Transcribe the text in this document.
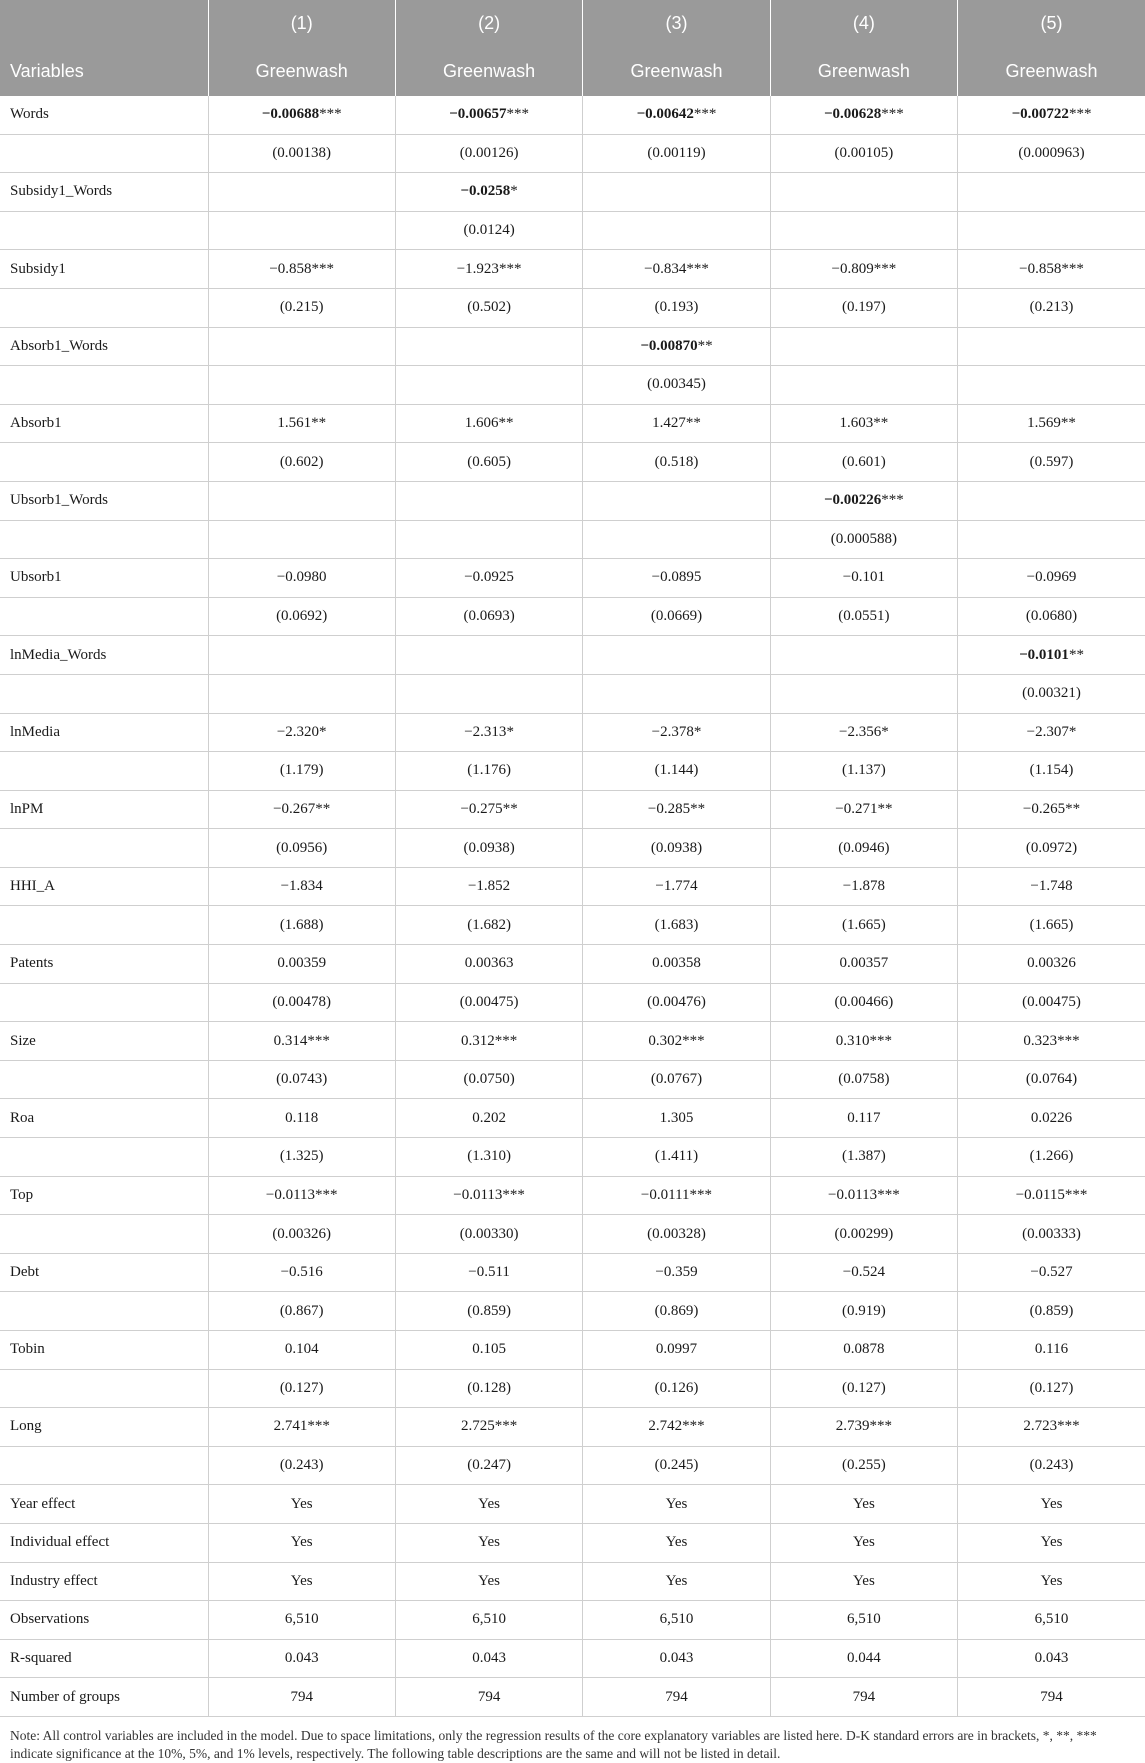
	(1)	(2)	(3)	(4)	(5)
Variables	Greenwash	Greenwash	Greenwash	Greenwash	Greenwash
Words	−0.00688***	−0.00657***	−0.00642***	−0.00628***	−0.00722***
	(0.00138)	(0.00126)	(0.00119)	(0.00105)	(0.000963)
Subsidy1_Words		−0.0258*			
		(0.0124)			
Subsidy1	−0.858***	−1.923***	−0.834***	−0.809***	−0.858***
	(0.215)	(0.502)	(0.193)	(0.197)	(0.213)
Absorb1_Words			−0.00870**		
			(0.00345)		
Absorb1	1.561**	1.606**	1.427**	1.603**	1.569**
	(0.602)	(0.605)	(0.518)	(0.601)	(0.597)
Ubsorb1_Words				−0.00226***	
				(0.000588)	
Ubsorb1	−0.0980	−0.0925	−0.0895	−0.101	−0.0969
	(0.0692)	(0.0693)	(0.0669)	(0.0551)	(0.0680)
lnMedia_Words					−0.0101**
					(0.00321)
lnMedia	−2.320*	−2.313*	−2.378*	−2.356*	−2.307*
	(1.179)	(1.176)	(1.144)	(1.137)	(1.154)
lnPM	−0.267**	−0.275**	−0.285**	−0.271**	−0.265**
	(0.0956)	(0.0938)	(0.0938)	(0.0946)	(0.0972)
HHI_A	−1.834	−1.852	−1.774	−1.878	−1.748
	(1.688)	(1.682)	(1.683)	(1.665)	(1.665)
Patents	0.00359	0.00363	0.00358	0.00357	0.00326
	(0.00478)	(0.00475)	(0.00476)	(0.00466)	(0.00475)
Size	0.314***	0.312***	0.302***	0.310***	0.323***
	(0.0743)	(0.0750)	(0.0767)	(0.0758)	(0.0764)
Roa	0.118	0.202	1.305	0.117	0.0226
	(1.325)	(1.310)	(1.411)	(1.387)	(1.266)
Top	−0.0113***	−0.0113***	−0.0111***	−0.0113***	−0.0115***
	(0.00326)	(0.00330)	(0.00328)	(0.00299)	(0.00333)
Debt	−0.516	−0.511	−0.359	−0.524	−0.527
	(0.867)	(0.859)	(0.869)	(0.919)	(0.859)
Tobin	0.104	0.105	0.0997	0.0878	0.116
	(0.127)	(0.128)	(0.126)	(0.127)	(0.127)
Long	2.741***	2.725***	2.742***	2.739***	2.723***
	(0.243)	(0.247)	(0.245)	(0.255)	(0.243)
Year effect	Yes	Yes	Yes	Yes	Yes
Individual effect	Yes	Yes	Yes	Yes	Yes
Industry effect	Yes	Yes	Yes	Yes	Yes
Observations	6,510	6,510	6,510	6,510	6,510
R-squared	0.043	0.043	0.043	0.044	0.043
Number of groups	794	794	794	794	794

Note: All control variables are included in the model. Due to space limitations, only the regression results of the core explanatory variables are listed here. D-K standard errors are in brackets, *, **, *** indicate significance at the 10%, 5%, and 1% levels, respectively. The following table descriptions are the same and will not be listed in detail.
